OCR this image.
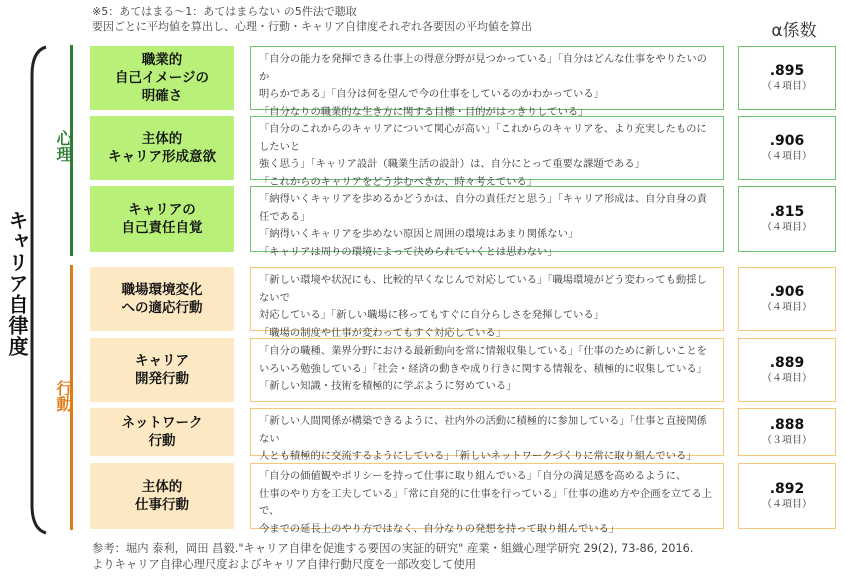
※5：あてはまる～1：あてはまらない の5件法で聴取
要因ごとに平均値を算出し、心理・行動・キャリア自律度それぞれ各要因の平均値を算出	α係数
キャリア自律度
心理
行動
職業的
自己イメージの
明確さ
「自分の能力を発揮できる仕事上の得意分野が見つかっている」「自分はどんな仕事をやりたいのか
明らかである」「自分は何を望んで今の仕事をしているのかわかっている」
「自分なりの職業的な生き方に関する目標・目的がはっきりしている」
.895
（４項目）
主体的
キャリア形成意欲
「自分のこれからのキャリアについて関心が高い」「これからのキャリアを、より充実したものにしたいと
強く思う」「キャリア設計（職業生活の設計）は、自分にとって重要な課題である」
「これからのキャリアをどう歩むべきか、時々考えている」
.906
（４項目）
キャリアの
自己責任自覚
「納得いくキャリアを歩めるかどうかは、自分の責任だと思う」「キャリア形成は、自分自身の責任である」
「納得いくキャリアを歩めない原因と周囲の環境はあまり関係ない」
「キャリアは周りの環境によって決められていくとは思わない」
.815
（４項目）
職場環境変化
への適応行動
「新しい環境や状況にも、比較的早くなじんで対応している」「職場環境がどう変わっても動揺しないで
対応している」「新しい職場に移ってもすぐに自分らしさを発揮している」
「職場の制度や仕事が変わってもすぐ対応している」
.906
（４項目）
キャリア
開発行動
「自分の職種、業界分野における最新動向を常に情報収集している」「仕事のために新しいことを
いろいろ勉強している」「社会・経済の動きや成り行きに関する情報を、積極的に収集している」
「新しい知識・技術を積極的に学ぶように努めている」
.889
（４項目）
ネットワーク
行動
「新しい人間関係が構築できるように、社内外の活動に積極的に参加している」「仕事と直接関係ない
人とも積極的に交流するようにしている」「新しいネットワークづくりに常に取り組んでいる」
.888
（３項目）
主体的
仕事行動
「自分の価値観やポリシーを持って仕事に取り組んでいる」「自分の満足感を高めるように、
仕事のやり方を工夫している」「常に自発的に仕事を行っている」「仕事の進め方や企画を立てる上で、
今までの延長上のやり方ではなく、自分なりの発想を持って取り組んでいる」
.892
（４項目）
参考：堀内 泰利，岡田 昌毅."キャリア自律を促進する要因の実証的研究" 産業・組織心理学研究 29(2), 73-86, 2016.
よりキャリア自律心理尺度およびキャリア自律行動尺度を一部改変して使用
